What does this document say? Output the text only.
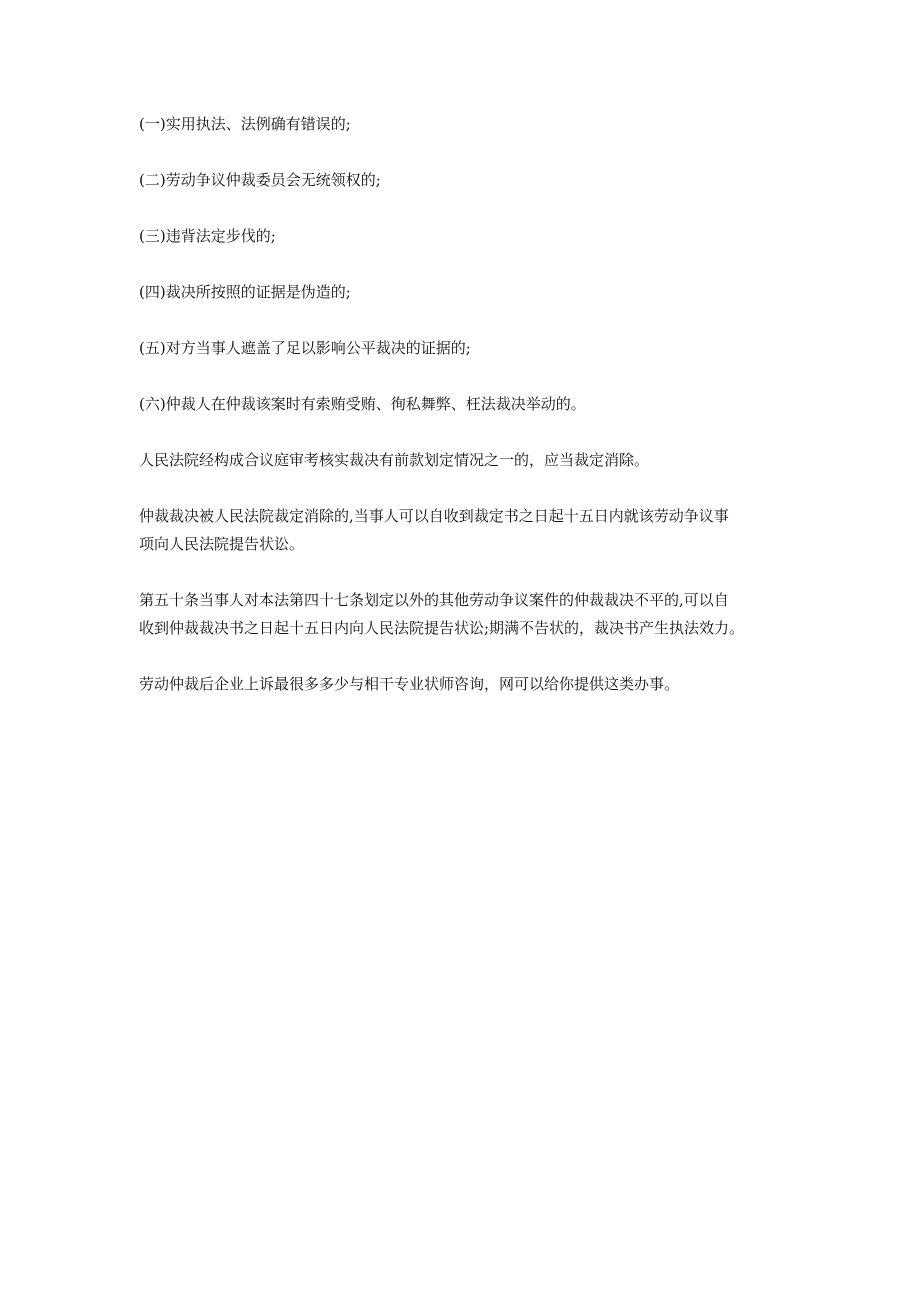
(一)实用执法、法例确有错误的;

(二)劳动争议仲裁委员会无统领权的;

(三)违背法定步伐的;

(四)裁决所按照的证据是伪造的;

(五)对方当事人遮盖了足以影响公平裁决的证据的;

(六)仲裁人在仲裁该案时有索贿受贿、徇私舞弊、枉法裁决举动的。

人民法院经构成合议庭审考核实裁决有前款划定情况之一的，应当裁定消除。

仲裁裁决被人民法院裁定消除的,当事人可以自收到裁定书之日起十五日内就该劳动争议事
项向人民法院提告状讼。

第五十条当事人对本法第四十七条划定以外的其他劳动争议案件的仲裁裁决不平的,可以自
收到仲裁裁决书之日起十五日内向人民法院提告状讼;期满不告状的，裁决书产生执法效力。

劳动仲裁后企业上诉最很多多少与相干专业状师咨询，网可以给你提供这类办事。
